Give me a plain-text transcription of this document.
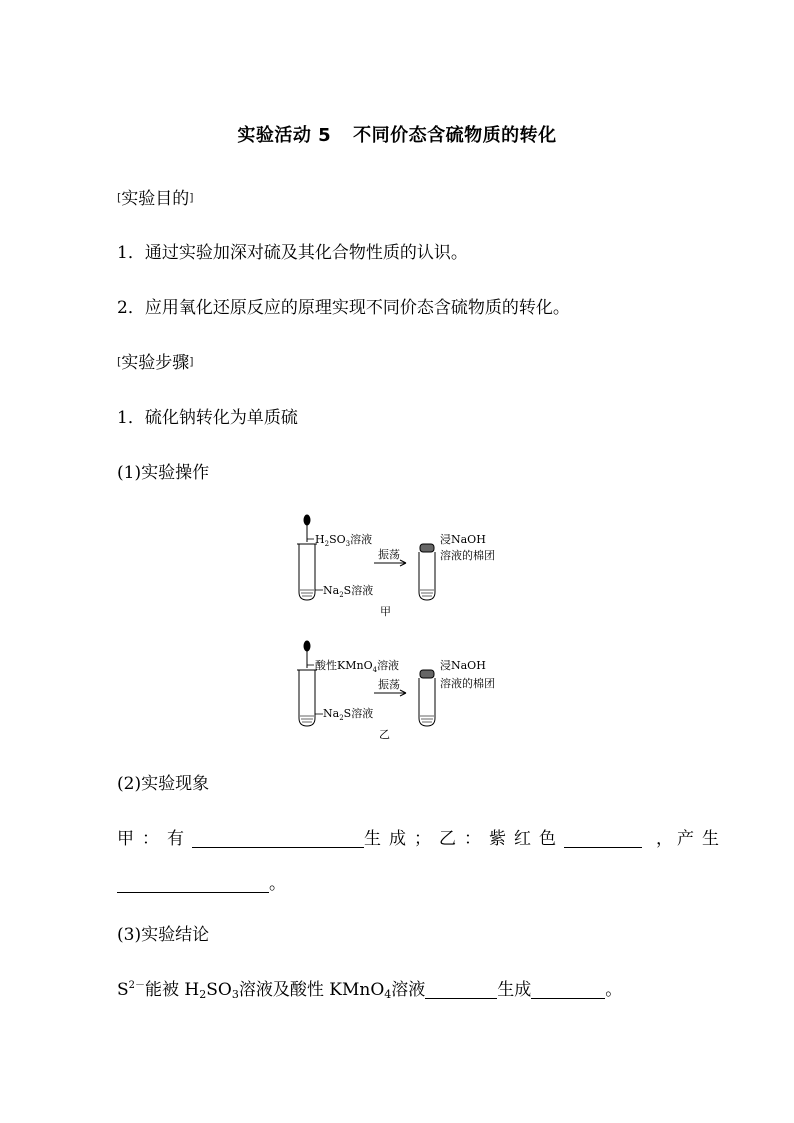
实验活动 5 不同价态含硫物质的转化
[实验目的]
1．通过实验加深对硫及其化合物性质的认识。
2．应用氧化还原反应的原理实现不同价态含硫物质的转化。
[实验步骤]
1．硫化钠转化为单质硫
(1)实验操作
$H_2SO_3$溶液
$Na_2S$溶液
振荡
浸NaOH
溶液的棉团
甲
酸性KMnO$_4$溶液
$Na_2S$溶液
振荡
浸NaOH
溶液的棉团
乙
(2)实验现象
甲：有	生成；乙：紫红色	， 产生
。
(3)实验结论
$S^{2-}$能被 $H_2SO_3$溶液及酸性 KMnO$_4$溶液	生成	。
